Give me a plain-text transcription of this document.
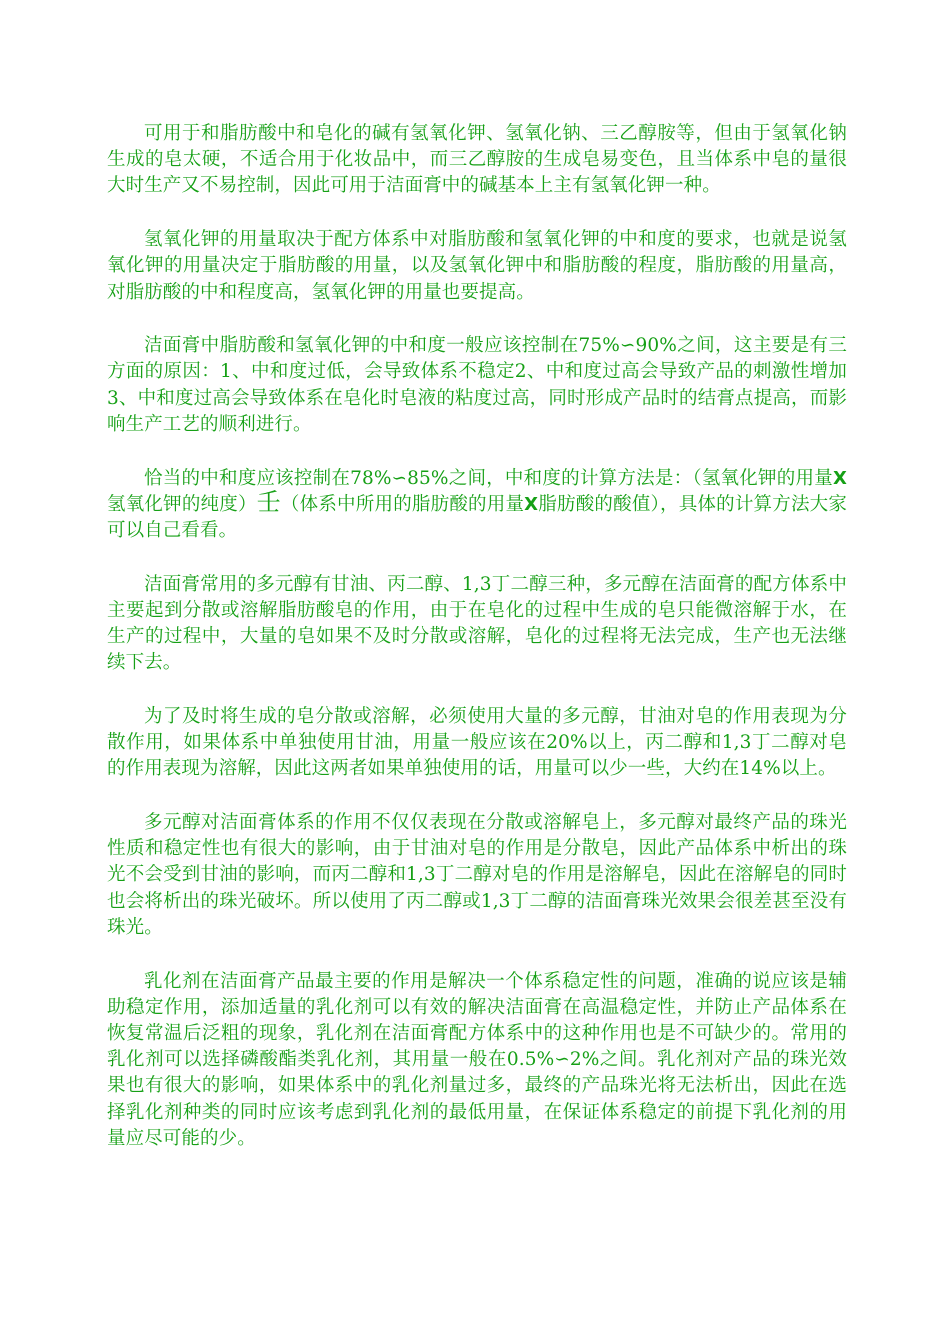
可用于和脂肪酸中和皂化的碱有氢氧化钾、氢氧化钠、三乙醇胺等，但由于氢氧化钠生成的皂太硬，不适合用于化妆品中，而三乙醇胺的生成皂易变色，且当体系中皂的量很大时生产又不易控制，因此可用于洁面膏中的碱基本上主有氢氧化钾一种。

氢氧化钾的用量取决于配方体系中对脂肪酸和氢氧化钾的中和度的要求，也就是说氢氧化钾的用量决定于脂肪酸的用量，以及氢氧化钾中和脂肪酸的程度，脂肪酸的用量高，对脂肪酸的中和程度高，氢氧化钾的用量也要提高。

洁面膏中脂肪酸和氢氧化钾的中和度一般应该控制在75%∽90%之间，这主要是有三方面的原因：1、中和度过低，会导致体系不稳定2、中和度过高会导致产品的刺激性增加3、中和度过高会导致体系在皂化时皂液的粘度过高，同时形成产品时的结膏点提高，而影响生产工艺的顺利进行。

恰当的中和度应该控制在78%∽85%之间，中和度的计算方法是：（氢氧化钾的用量X氢氧化钾的纯度）壬（体系中所用的脂肪酸的用量X脂肪酸的酸值），具体的计算方法大家可以自己看看。

洁面膏常用的多元醇有甘油、丙二醇、1,3丁二醇三种，多元醇在洁面膏的配方体系中主要起到分散或溶解脂肪酸皂的作用，由于在皂化的过程中生成的皂只能微溶解于水，在生产的过程中，大量的皂如果不及时分散或溶解，皂化的过程将无法完成，生产也无法继续下去。

为了及时将生成的皂分散或溶解，必须使用大量的多元醇，甘油对皂的作用表现为分散作用，如果体系中单独使用甘油，用量一般应该在20%以上，丙二醇和1,3丁二醇对皂的作用表现为溶解，因此这两者如果单独使用的话，用量可以少一些，大约在14%以上。

多元醇对洁面膏体系的作用不仅仅表现在分散或溶解皂上，多元醇对最终产品的珠光性质和稳定性也有很大的影响，由于甘油对皂的作用是分散皂，因此产品体系中析出的珠光不会受到甘油的影响，而丙二醇和1,3丁二醇对皂的作用是溶解皂，因此在溶解皂的同时也会将析出的珠光破坏。所以使用了丙二醇或1,3丁二醇的洁面膏珠光效果会很差甚至没有珠光。

乳化剂在洁面膏产品最主要的作用是解决一个体系稳定性的问题，准确的说应该是辅助稳定作用，添加适量的乳化剂可以有效的解决洁面膏在高温稳定性，并防止产品体系在恢复常温后泛粗的现象，乳化剂在洁面膏配方体系中的这种作用也是不可缺少的。常用的乳化剂可以选择磷酸酯类乳化剂，其用量一般在0.5%∽2%之间。乳化剂对产品的珠光效果也有很大的影响，如果体系中的乳化剂量过多，最终的产品珠光将无法析出，因此在选择乳化剂种类的同时应该考虑到乳化剂的最低用量，在保证体系稳定的前提下乳化剂的用量应尽可能的少。
